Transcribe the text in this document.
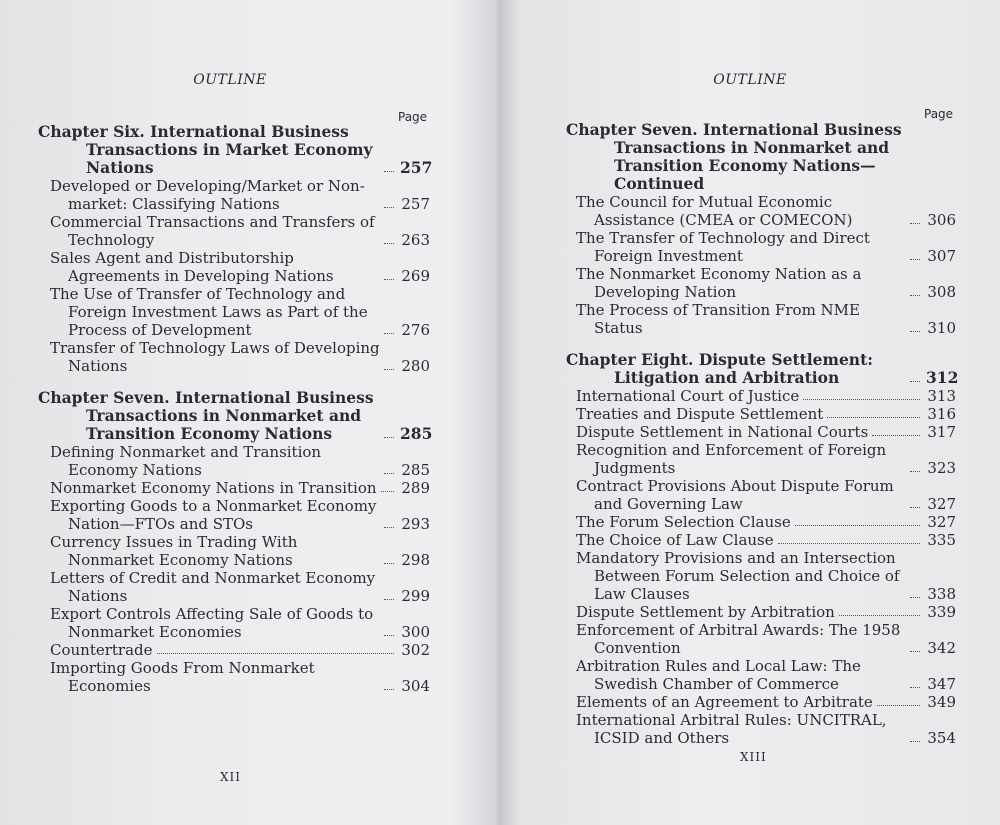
OUTLINE
Page
Chapter Six. International Business Transactions in Market Economy Nations	257
Developed or Developing/Market or Non-market: Classifying Nations	257
Commercial Transactions and Transfers of Technology	263
Sales Agent and Distributorship Agreements in Developing Nations	269
The Use of Transfer of Technology and Foreign Investment Laws as Part of the Process of Development	276
Transfer of Technology Laws of Developing Nations	280
Chapter Seven. International Business Transactions in Nonmarket and Transition Economy Nations	285
Defining Nonmarket and Transition Economy Nations	285
Nonmarket Economy Nations in Transition 289
Exporting Goods to a Nonmarket Economy Nation—FTOs and STOs	293
Currency Issues in Trading With Nonmarket Economy Nations	298
Letters of Credit and Nonmarket Economy Nations	299
Export Controls Affecting Sale of Goods to Nonmarket Economies	300
Countertrade	302
Importing Goods From Nonmarket Economies	304
XII
OUTLINE
Page
Chapter Seven. International Business Transactions in Nonmarket and Transition Economy Nations—Continued
The Council for Mutual Economic Assistance (CMEA or COMECON)	306
The Transfer of Technology and Direct Foreign Investment	307
The Nonmarket Economy Nation as a Developing Nation	308
The Process of Transition From NME Status	310
Chapter Eight. Dispute Settlement: Litigation and Arbitration	312
International Court of Justice	313
Treaties and Dispute Settlement	316
Dispute Settlement in National Courts	317
Recognition and Enforcement of Foreign Judgments	323
Contract Provisions About Dispute Forum and Governing Law	327
The Forum Selection Clause	327
The Choice of Law Clause	335
Mandatory Provisions and an Intersection Between Forum Selection and Choice of Law Clauses	338
Dispute Settlement by Arbitration	339
Enforcement of Arbitral Awards: The 1958 Convention	342
Arbitration Rules and Local Law: The Swedish Chamber of Commerce	347
Elements of an Agreement to Arbitrate	349
International Arbitral Rules: UNCITRAL, ICSID and Others	354
XIII
